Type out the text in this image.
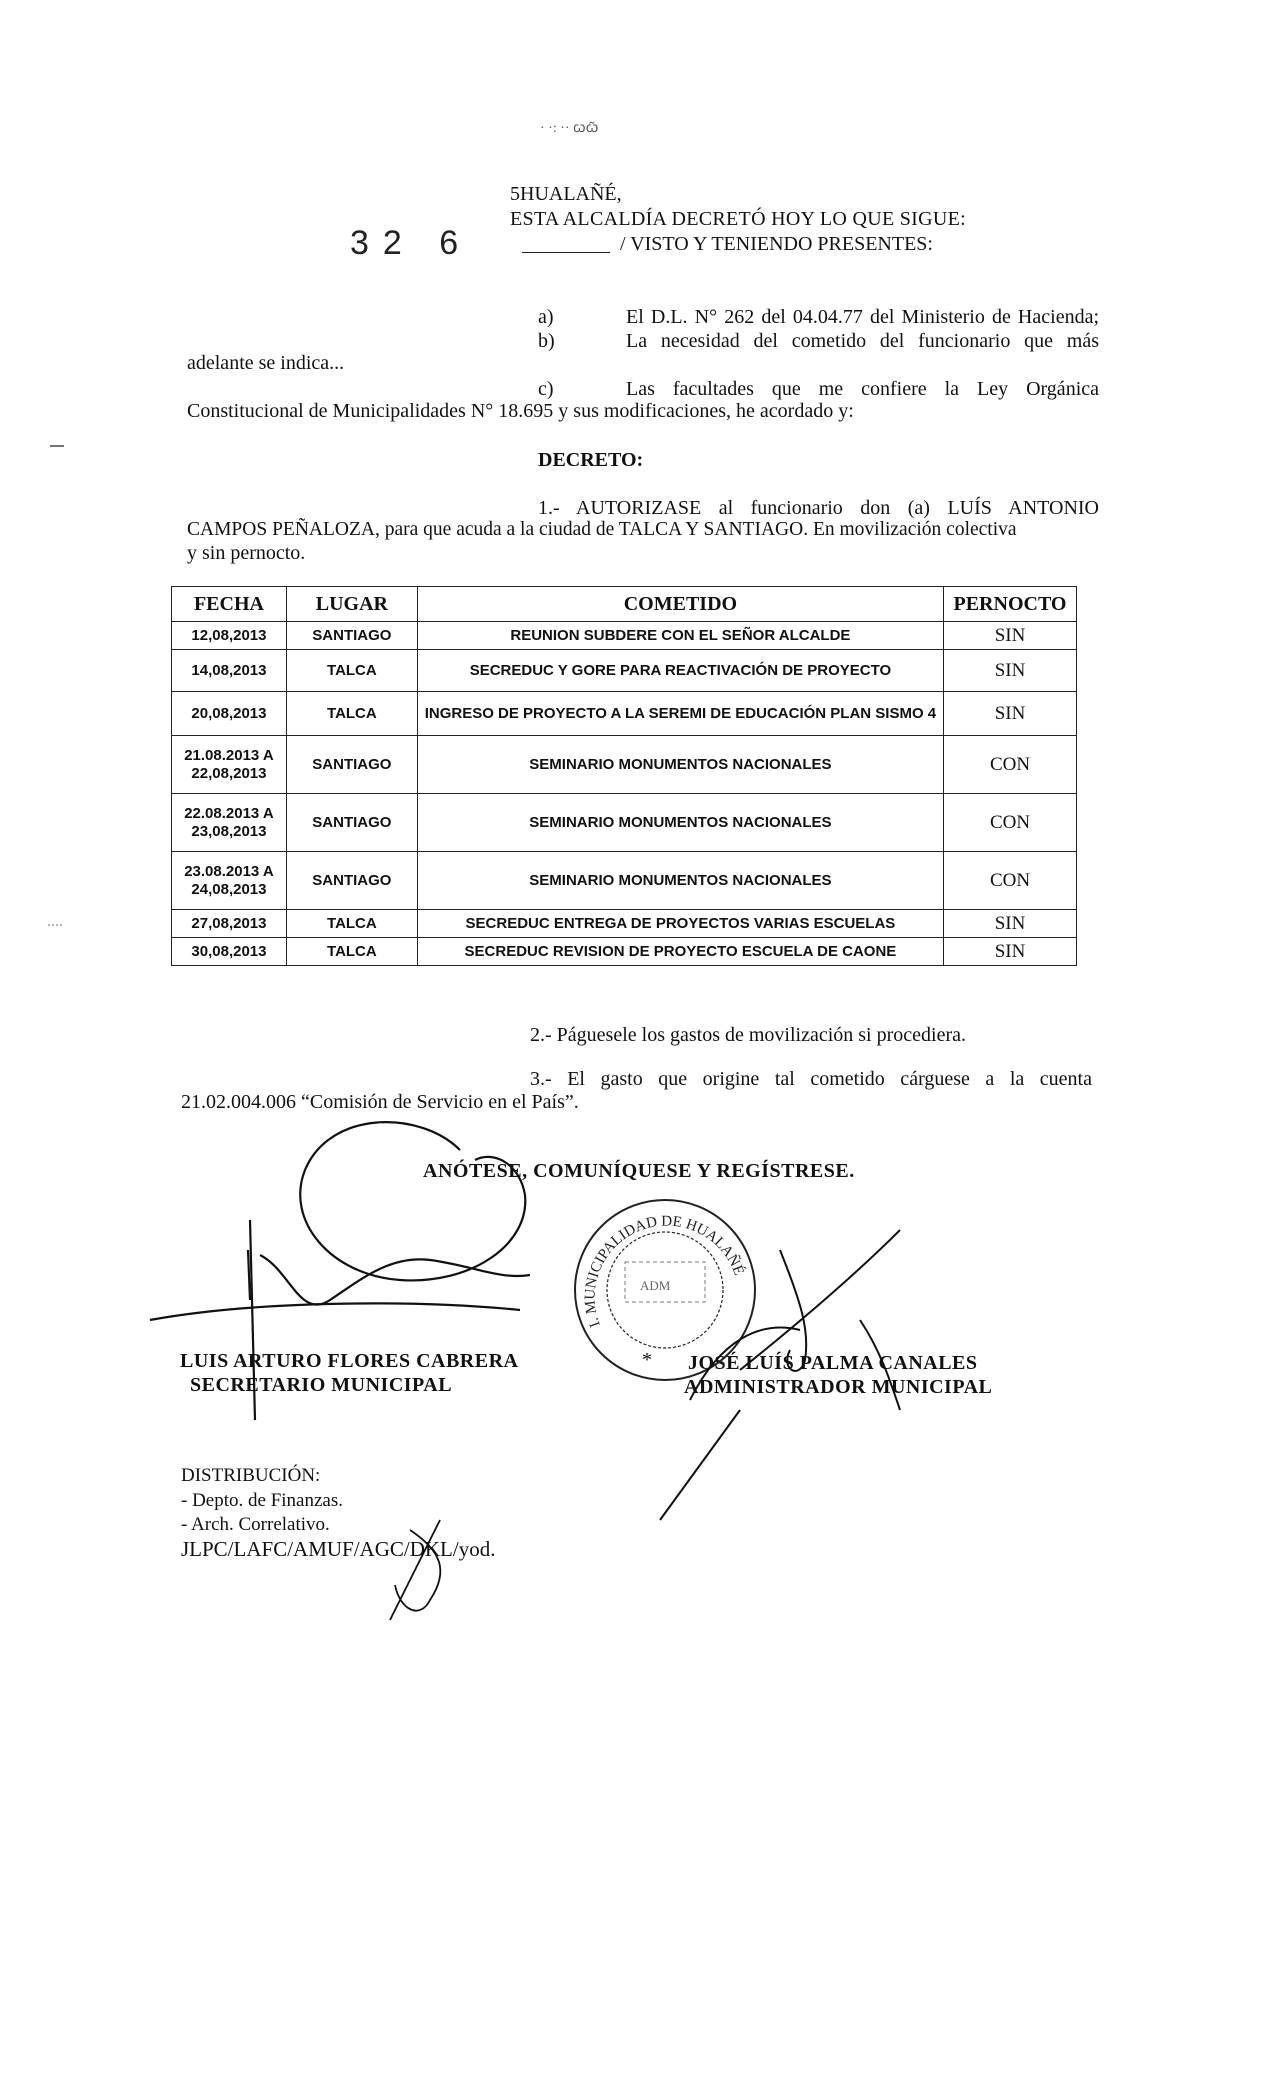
· ·: ·· ꞷꞷ̃
5HUALAÑÉ,
ESTA ALCALDÍA DECRETÓ HOY LO QUE SIGUE:
32 6	/ VISTO Y TENIENDO PRESENTES:
a)	El D.L. N° 262 del 04.04.77 del Ministerio de Hacienda;
b)	La necesidad del cometido del funcionario que más
adelante se indica...
c)	Las facultades que me confiere la Ley Orgánica
Constitucional de Municipalidades N° 18.695 y sus modificaciones, he acordado y:
DECRETO:
1.- AUTORIZASE al funcionario don (a) LUÍS ANTONIO
CAMPOS PEÑALOZA, para que acuda a la ciudad de TALCA Y SANTIAGO. En movilización colectiva
y sin pernocto.
FECHA	LUGAR	COMETIDO	PERNOCTO
12,08,2013	SANTIAGO	REUNION SUBDERE CON EL SEÑOR ALCALDE	SIN
14,08,2013	TALCA	SECREDUC Y GORE PARA REACTIVACIÓN DE PROYECTO	SIN
20,08,2013	TALCA	INGRESO DE PROYECTO A LA SEREMI DE EDUCACIÓN PLAN SISMO 4	SIN
21.08.2013 A 22,08,2013	SANTIAGO	SEMINARIO MONUMENTOS NACIONALES	CON
22.08.2013 A 23,08,2013	SANTIAGO	SEMINARIO MONUMENTOS NACIONALES	CON
23.08.2013 A 24,08,2013	SANTIAGO	SEMINARIO MONUMENTOS NACIONALES	CON
27,08,2013	TALCA	SECREDUC ENTREGA DE PROYECTOS VARIAS ESCUELAS	SIN
30,08,2013	TALCA	SECREDUC REVISION DE PROYECTO ESCUELA DE CAONE	SIN
2.- Páguesele los gastos de movilización si procediera.
3.- El gasto que origine tal cometido cárguese a la cuenta
21.02.004.006 “Comisión de Servicio en el País”.
ANÓTESE, COMUNÍQUESE Y REGÍSTRESE.
LUIS ARTURO FLORES CABRERA
SECRETARIO MUNICIPAL
JOSÉ LUÍS PALMA CANALES
ADMINISTRADOR MUNICIPAL
DISTRIBUCIÓN:
- Depto. de Finanzas.
- Arch. Correlativo.
JLPC/LAFC/AMUF/AGC/DKL/yod.
I. MUNICIPALIDAD DE HUALAÑÉ
ADM
*
